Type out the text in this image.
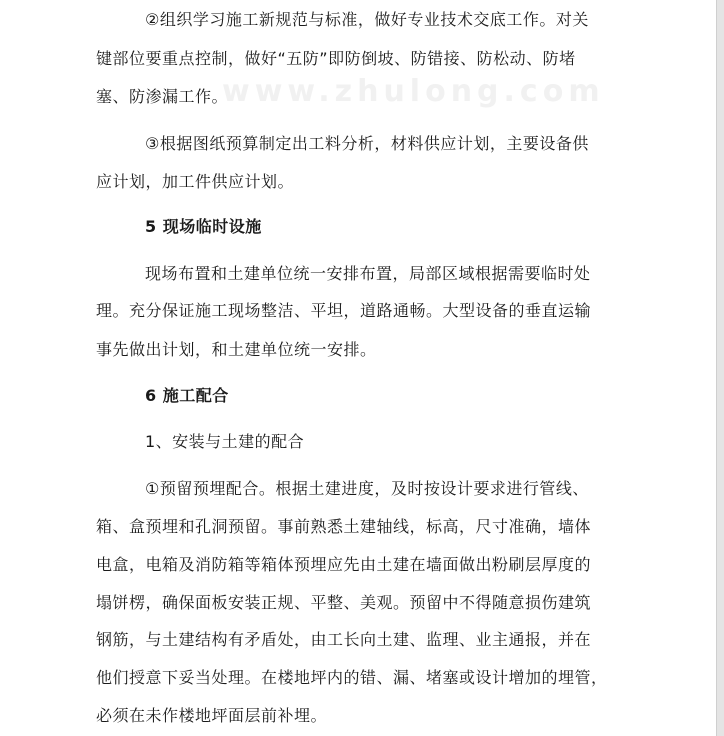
www.zhulong.com
②组织学习施工新规范与标准，做好专业技术交底工作。对关
键部位要重点控制，做好“五防”即防倒坡、防错接、防松动、防堵
塞、防渗漏工作。
③根据图纸预算制定出工料分析，材料供应计划，主要设备供
应计划，加工件供应计划。
5 现场临时设施
现场布置和土建单位统一安排布置，局部区域根据需要临时处
理。充分保证施工现场整洁、平坦，道路通畅。大型设备的垂直运输
事先做出计划，和土建单位统一安排。
6 施工配合
1、安装与土建的配合
①预留预埋配合。根据土建进度，及时按设计要求进行管线、
箱、盒预埋和孔洞预留。事前熟悉土建轴线，标高，尺寸准确，墙体
电盒，电箱及消防箱等箱体预埋应先由土建在墙面做出粉刷层厚度的
塌饼楞，确保面板安装正规、平整、美观。预留中不得随意损伤建筑
钢筋，与土建结构有矛盾处，由工长向土建、监理、业主通报，并在
他们授意下妥当处理。在楼地坪内的错、漏、堵塞或设计增加的埋管，
必须在未作楼地坪面层前补埋。
